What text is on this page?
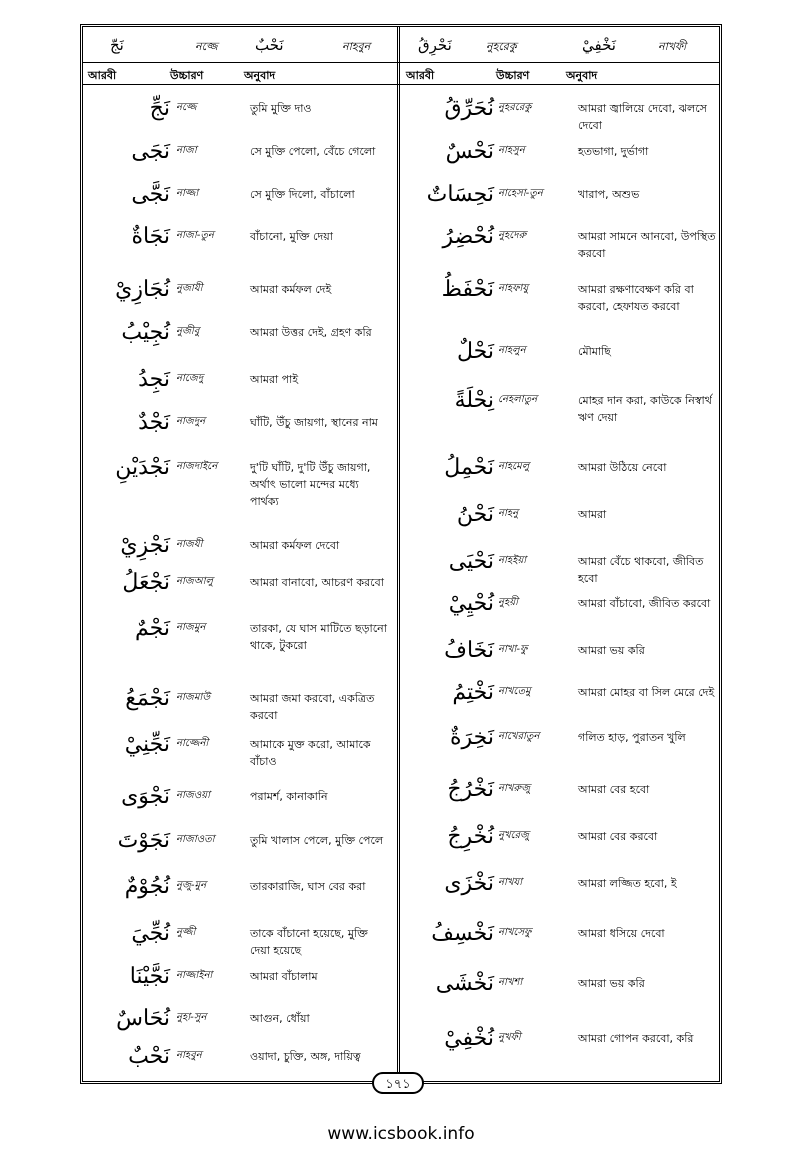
نَجّ	নজ্জে نَحْبٌ	নাহবুন	نَحْرِقُ	নুহরেকু	نَخْفِيْ	নাখফী
আরবী	উচ্চারণ	অনুবাদ	আরবী	উচ্চারণ	অনুবাদ
نَجِّ নজ্জে	তুমি মুক্তি দাও
نَجَى নাজা	সে মুক্তি পেলো, বেঁচে গেলো
نَجَّى নাজ্জা	সে মুক্তি দিলো, বাঁচালো
نَجَاةٌ নাজা-তুন	বাঁচানো, মুক্তি দেয়া
نُجَازِيْ নুজাযী	আমরা কর্মফল দেই
نُجِيْبُ নুজীবু	আমরা উত্তর দেই, গ্রহণ করি
نَجِدُ নাজেদু	আমরা পাই
نَجْدٌ নাজদুন	ঘাঁটি, উঁচু জায়গা, স্থানের নাম
نَجْدَيْنِ নাজদাইনে	দু'টি ঘাঁটি, দু'টি উঁচু জায়গা, অর্থাৎ ভালো মন্দের মধ্যে পার্থক্য
نَجْزِيْ নাজযী	আমরা কর্মফল দেবো
نَجْعَلُ নাজআলু	আমরা বানাবো, আচরণ করবো
نَجْمٌ নাজমুন	তারকা, যে ঘাস মাটিতে ছড়ানো থাকে, টুকরো
نَجْمَعُ নাজমাউ	আমরা জমা করবো, একত্রিত করবো
نَجِّنِيْ নাজ্জেনী	আমাকে মুক্ত করো, আমাকে বাঁচাও
نَجْوَى নাজওয়া	পরামর্শ, কানাকানি
نَجَوْتَ নাজাওতা	তুমি খালাস পেলে, মুক্তি পেলে
نُجُوْمٌ নুজু-মুন	তারকারাজি, ঘাস বের করা
نُجِّيَ নুজ্জী	তাকে বাঁচানো হয়েছে, মুক্তি দেয়া হয়েছে
نَجَّيْنَا নাজ্জাইনা	আমরা বাঁচালাম
نُحَاسٌ নুহা-সুন	আগুন, ধোঁয়া
نَحْبٌ নাহবুন	ওয়াদা, চুক্তি, অঙ্গ, দায়িত্ব
نُحَرِّقُ নুহররেকু	আমরা জ্বালিয়ে দেবো, ঝলসে দেবো
نَحْسٌ নাহসুন	হতভাগা, দুর্ভাগা
نَحِسَاتٌ নাহেসা-তুন	খারাপ, অশুভ
نُحْضِرُ নুহদেরু	আমরা সামনে আনবো, উপস্থিত করবো
نَحْفَظُ নাহফাযু	আমরা রক্ষণাবেক্ষণ করি বা করবো, হেফাযত করবো
نَحْلٌ নাহলুন	মৌমাছি
نِحْلَةً নেহলাতুন	মোহর দান করা, কাউকে নিস্বার্থ ঋণ দেয়া
نَحْمِلُ নাহমেলু	আমরা উঠিয়ে নেবো
نَحْنُ নাহনু	আমরা
نَحْيَى নাহইয়া	আমরা বেঁচে থাকবো, জীবিত হবো
نُحْيِيْ নুহয়ী	আমরা বাঁচাবো, জীবিত করবো
نَخَافُ নাখা-ফু	আমরা ভয় করি
نَخْتِمُ নাখতেমু	আমরা মোহর বা সিল মেরে দেই
نَخِرَةٌ নাখেরাতুন	গলিত হাড়, পুরাতন খুলি
نَخْرُجُ নাখরুজু	আমরা বের হবো
نُخْرِجُ নুখরেজু	আমরা বের করবো
نَخْزَى নাখযা	আমরা লজ্জিত হবো, ই
نَخْسِفُ নাখসেফু	আমরা ধসিয়ে দেবো
نَخْشَى নাখশা	আমরা ভয় করি
نُخْفِيْ নুখফী	আমরা গোপন করবো, করি
১৭১
www.icsbook.info
